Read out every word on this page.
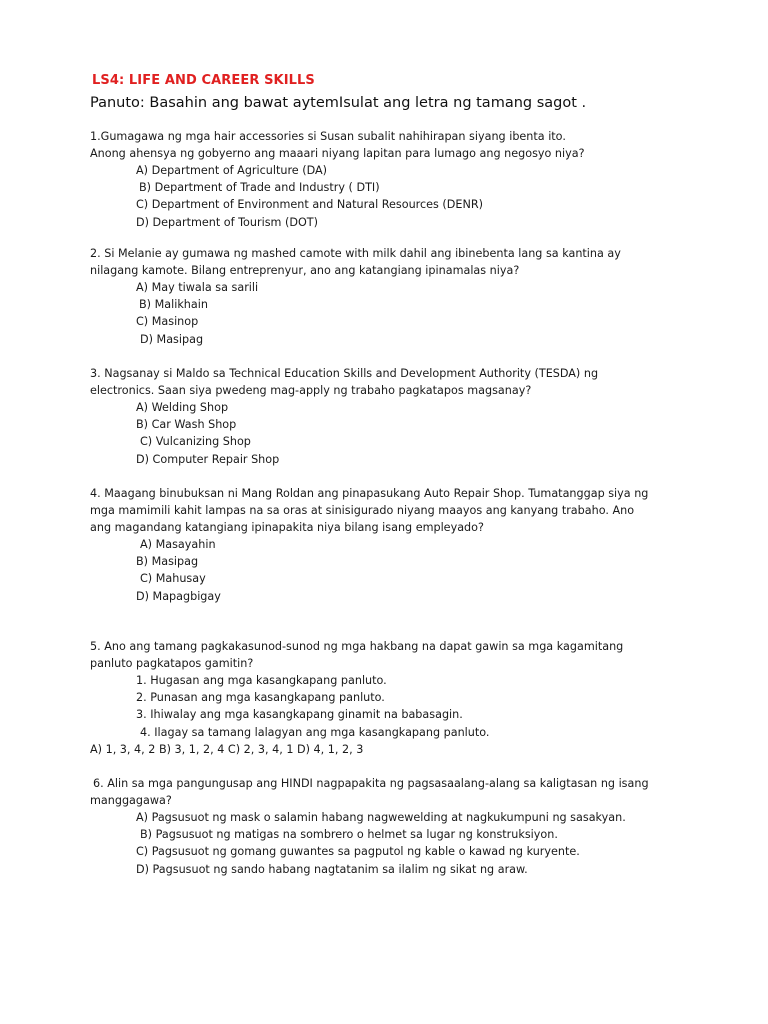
LS4: LIFE AND CAREER SKILLS
Panuto: Basahin ang bawat aytemIsulat ang letra ng tamang sagot .
1.Gumagawa ng mga hair accessories si Susan subalit nahihirapan siyang ibenta ito.
Anong ahensya ng gobyerno ang maaari niyang lapitan para lumago ang negosyo niya?
A) Department of Agriculture (DA)
B) Department of Trade and Industry ( DTI)
C) Department of Environment and Natural Resources (DENR)
D) Department of Tourism (DOT)
2. Si Melanie ay gumawa ng mashed camote with milk dahil ang ibinebenta lang sa kantina ay
nilagang kamote. Bilang entreprenyur, ano ang katangiang ipinamalas niya?
A) May tiwala sa sarili
B) Malikhain
C) Masinop
D) Masipag
3. Nagsanay si Maldo sa Technical Education Skills and Development Authority (TESDA) ng
electronics. Saan siya pwedeng mag-apply ng trabaho pagkatapos magsanay?
A) Welding Shop
B) Car Wash Shop
C) Vulcanizing Shop
D) Computer Repair Shop
4. Maagang binubuksan ni Mang Roldan ang pinapasukang Auto Repair Shop. Tumatanggap siya ng
mga mamimili kahit lampas na sa oras at sinisigurado niyang maayos ang kanyang trabaho. Ano
ang magandang katangiang ipinapakita niya bilang isang empleyado?
A) Masayahin
B) Masipag
C) Mahusay
D) Mapagbigay
5. Ano ang tamang pagkakasunod-sunod ng mga hakbang na dapat gawin sa mga kagamitang
panluto pagkatapos gamitin?
1. Hugasan ang mga kasangkapang panluto.
2. Punasan ang mga kasangkapang panluto.
3. Ihiwalay ang mga kasangkapang ginamit na babasagin.
4. Ilagay sa tamang lalagyan ang mga kasangkapang panluto.
A) 1, 3, 4, 2 B) 3, 1, 2, 4 C) 2, 3, 4, 1 D) 4, 1, 2, 3
6. Alin sa mga pangungusap ang HINDI nagpapakita ng pagsasaalang-alang sa kaligtasan ng isang
manggagawa?
A) Pagsusuot ng mask o salamin habang nagwewelding at nagkukumpuni ng sasakyan.
B) Pagsusuot ng matigas na sombrero o helmet sa lugar ng konstruksiyon.
C) Pagsusuot ng gomang guwantes sa pagputol ng kable o kawad ng kuryente.
D) Pagsusuot ng sando habang nagtatanim sa ilalim ng sikat ng araw.
